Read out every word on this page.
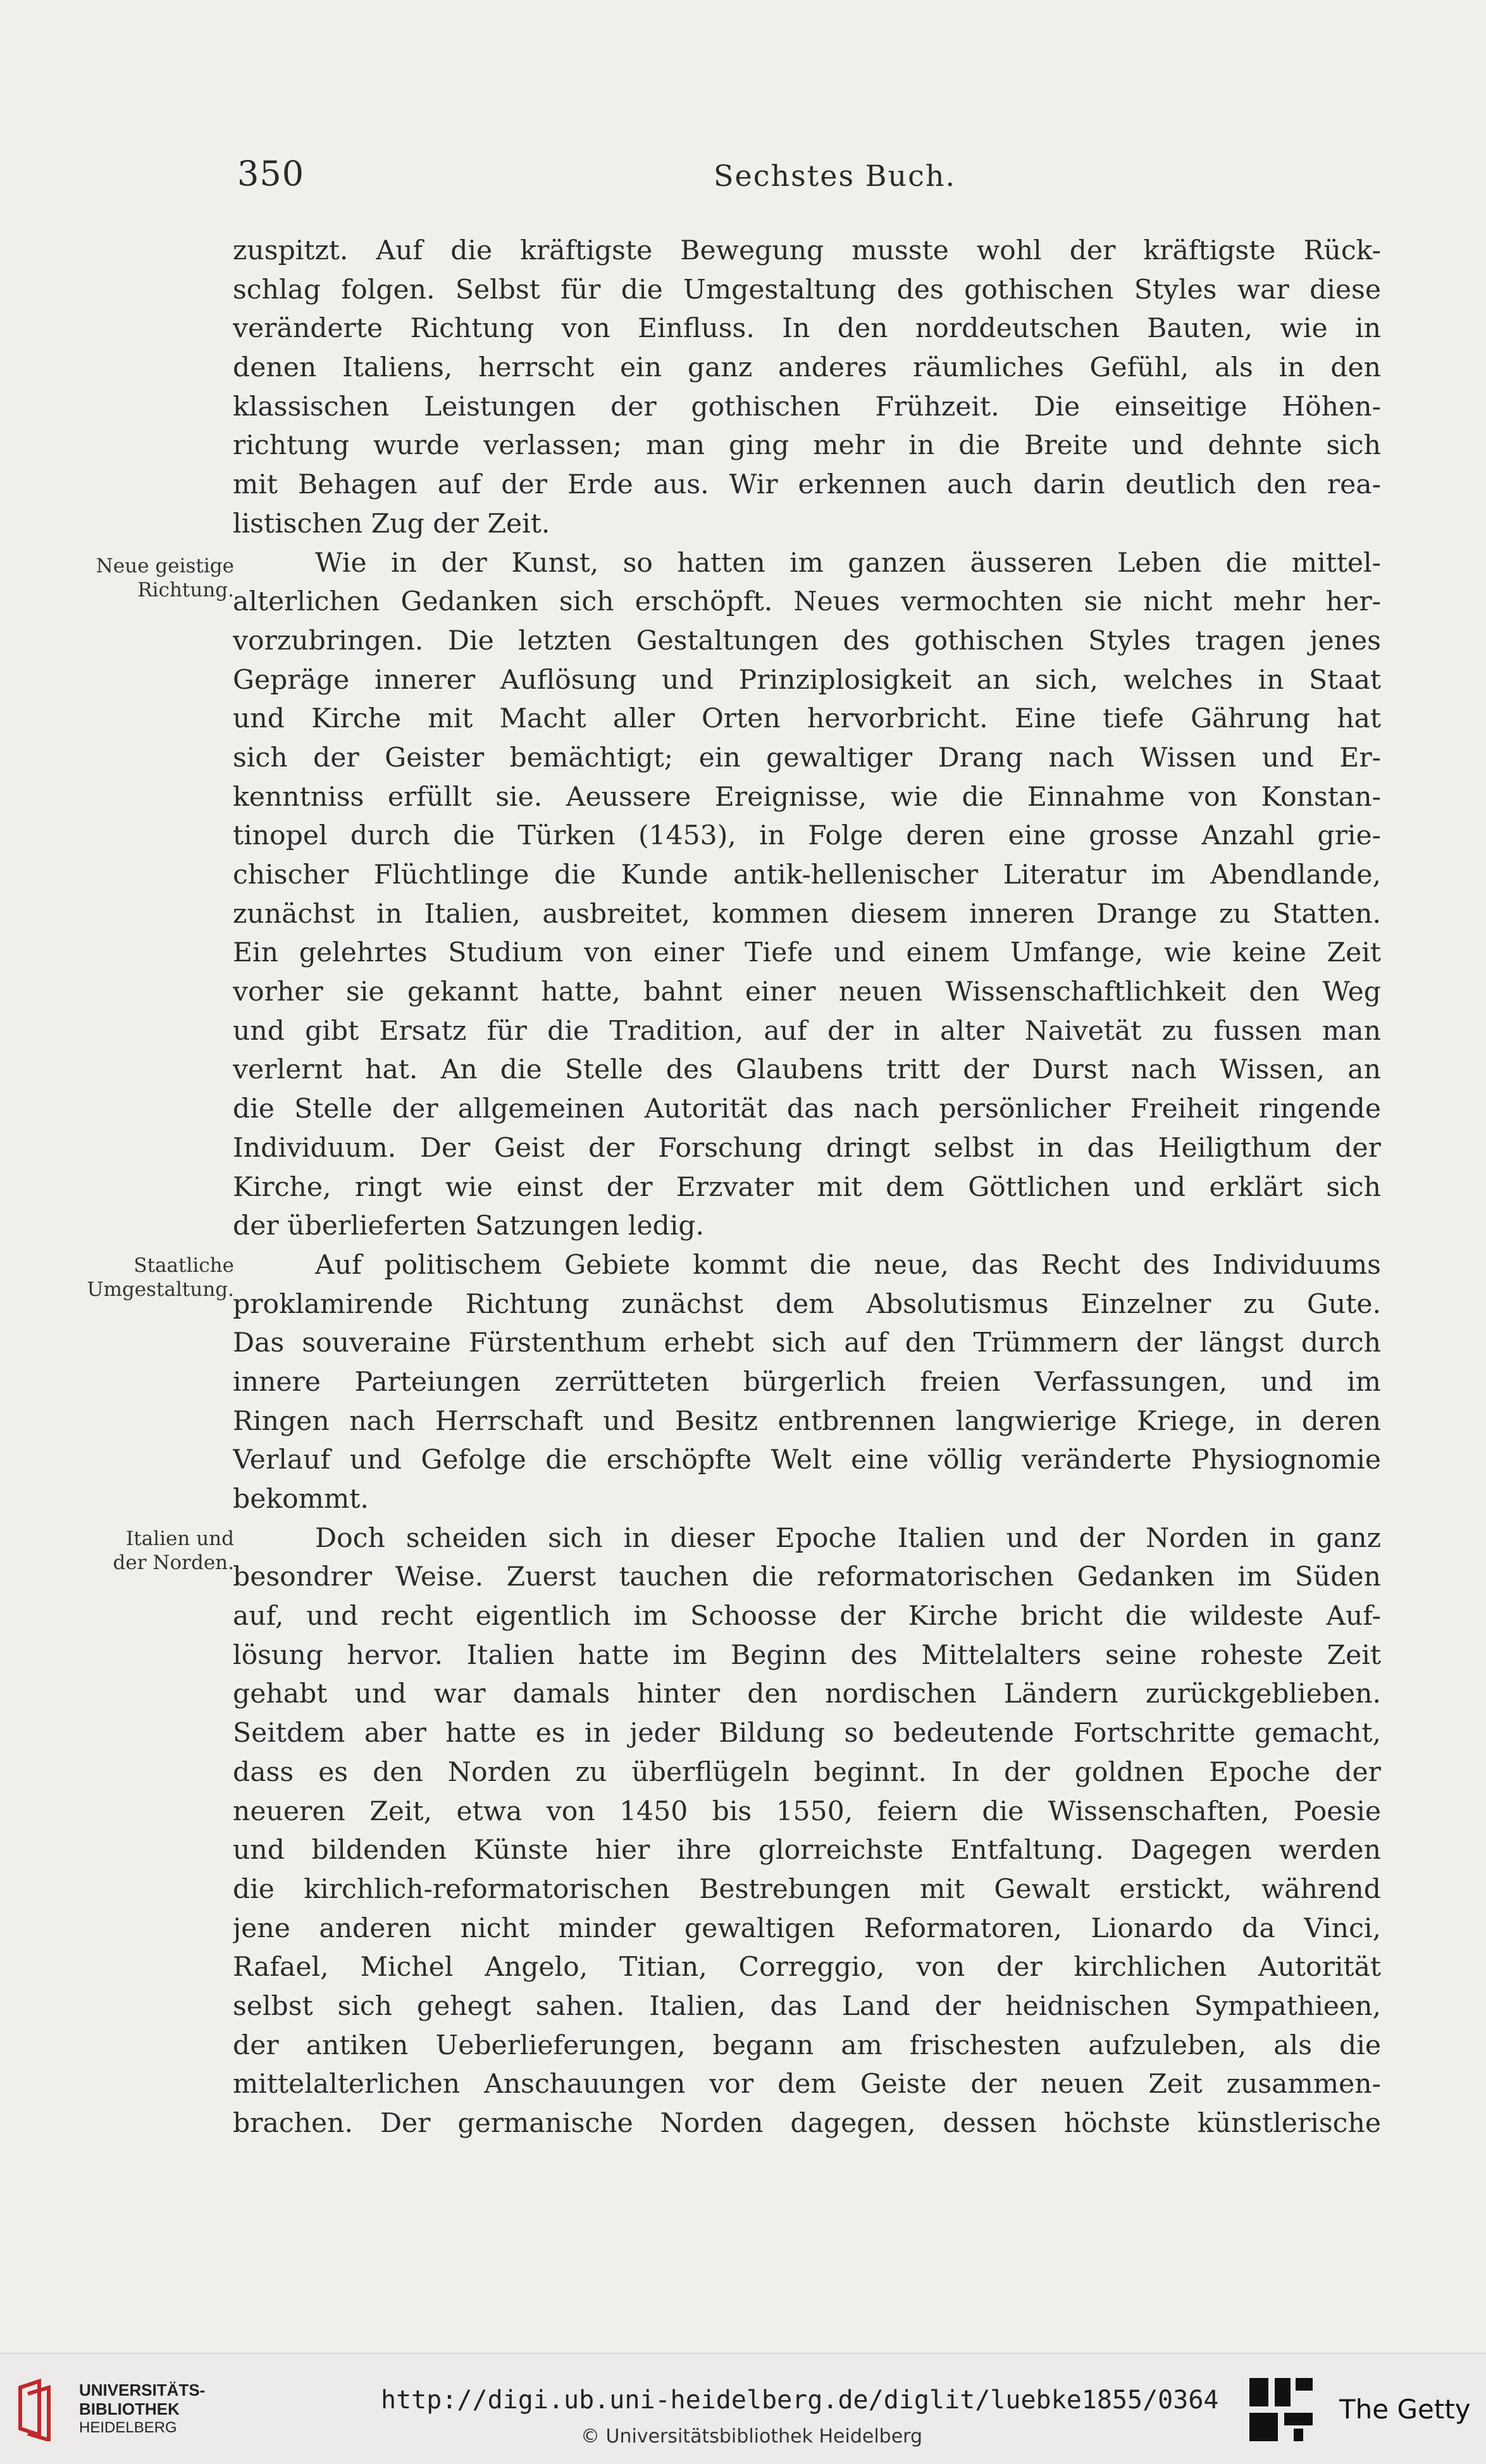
350	Sechstes Buch.
Neue geistige
Richtung.
Staatliche
Umgestaltung.
Italien und
der Norden.
zuspitzt. Auf die kräftigste Bewegung musste wohl der kräftigste Rück-
schlag folgen. Selbst für die Umgestaltung des gothischen Styles war diese
veränderte Richtung von Einfluss. In den norddeutschen Bauten, wie in
denen Italiens, herrscht ein ganz anderes räumliches Gefühl, als in den
klassischen Leistungen der gothischen Frühzeit. Die einseitige Höhen-
richtung wurde verlassen; man ging mehr in die Breite und dehnte sich
mit Behagen auf der Erde aus. Wir erkennen auch darin deutlich den rea-
listischen Zug der Zeit.
Wie in der Kunst, so hatten im ganzen äusseren Leben die mittel-
alterlichen Gedanken sich erschöpft. Neues vermochten sie nicht mehr her-
vorzubringen. Die letzten Gestaltungen des gothischen Styles tragen jenes
Gepräge innerer Auflösung und Prinziplosigkeit an sich, welches in Staat
und Kirche mit Macht aller Orten hervorbricht. Eine tiefe Gährung hat
sich der Geister bemächtigt; ein gewaltiger Drang nach Wissen und Er-
kenntniss erfüllt sie. Aeussere Ereignisse, wie die Einnahme von Konstan-
tinopel durch die Türken (1453), in Folge deren eine grosse Anzahl grie-
chischer Flüchtlinge die Kunde antik-hellenischer Literatur im Abendlande,
zunächst in Italien, ausbreitet, kommen diesem inneren Drange zu Statten.
Ein gelehrtes Studium von einer Tiefe und einem Umfange, wie keine Zeit
vorher sie gekannt hatte, bahnt einer neuen Wissenschaftlichkeit den Weg
und gibt Ersatz für die Tradition, auf der in alter Naivetät zu fussen man
verlernt hat. An die Stelle des Glaubens tritt der Durst nach Wissen, an
die Stelle der allgemeinen Autorität das nach persönlicher Freiheit ringende
Individuum. Der Geist der Forschung dringt selbst in das Heiligthum der
Kirche, ringt wie einst der Erzvater mit dem Göttlichen und erklärt sich
der überlieferten Satzungen ledig.
Auf politischem Gebiete kommt die neue, das Recht des Individuums
proklamirende Richtung zunächst dem Absolutismus Einzelner zu Gute.
Das souveraine Fürstenthum erhebt sich auf den Trümmern der längst durch
innere Parteiungen zerrütteten bürgerlich freien Verfassungen, und im
Ringen nach Herrschaft und Besitz entbrennen langwierige Kriege, in deren
Verlauf und Gefolge die erschöpfte Welt eine völlig veränderte Physiognomie
bekommt.
Doch scheiden sich in dieser Epoche Italien und der Norden in ganz
besondrer Weise. Zuerst tauchen die reformatorischen Gedanken im Süden
auf, und recht eigentlich im Schoosse der Kirche bricht die wildeste Auf-
lösung hervor. Italien hatte im Beginn des Mittelalters seine roheste Zeit
gehabt und war damals hinter den nordischen Ländern zurückgeblieben.
Seitdem aber hatte es in jeder Bildung so bedeutende Fortschritte gemacht,
dass es den Norden zu überflügeln beginnt. In der goldnen Epoche der
neueren Zeit, etwa von 1450 bis 1550, feiern die Wissenschaften, Poesie
und bildenden Künste hier ihre glorreichste Entfaltung. Dagegen werden
die kirchlich-reformatorischen Bestrebungen mit Gewalt erstickt, während
jene anderen nicht minder gewaltigen Reformatoren, Lionardo da Vinci,
Rafael, Michel Angelo, Titian, Correggio, von der kirchlichen Autorität
selbst sich gehegt sahen. Italien, das Land der heidnischen Sympathieen,
der antiken Ueberlieferungen, begann am frischesten aufzuleben, als die
mittelalterlichen Anschauungen vor dem Geiste der neuen Zeit zusammen-
brachen. Der germanische Norden dagegen, dessen höchste künstlerische
UNIVERSITÄTS-
BIBLIOTHEK
HEIDELBERG
http://digi.ub.uni-heidelberg.de/diglit/luebke1855/0364
© Universitätsbibliothek Heidelberg
The Getty
